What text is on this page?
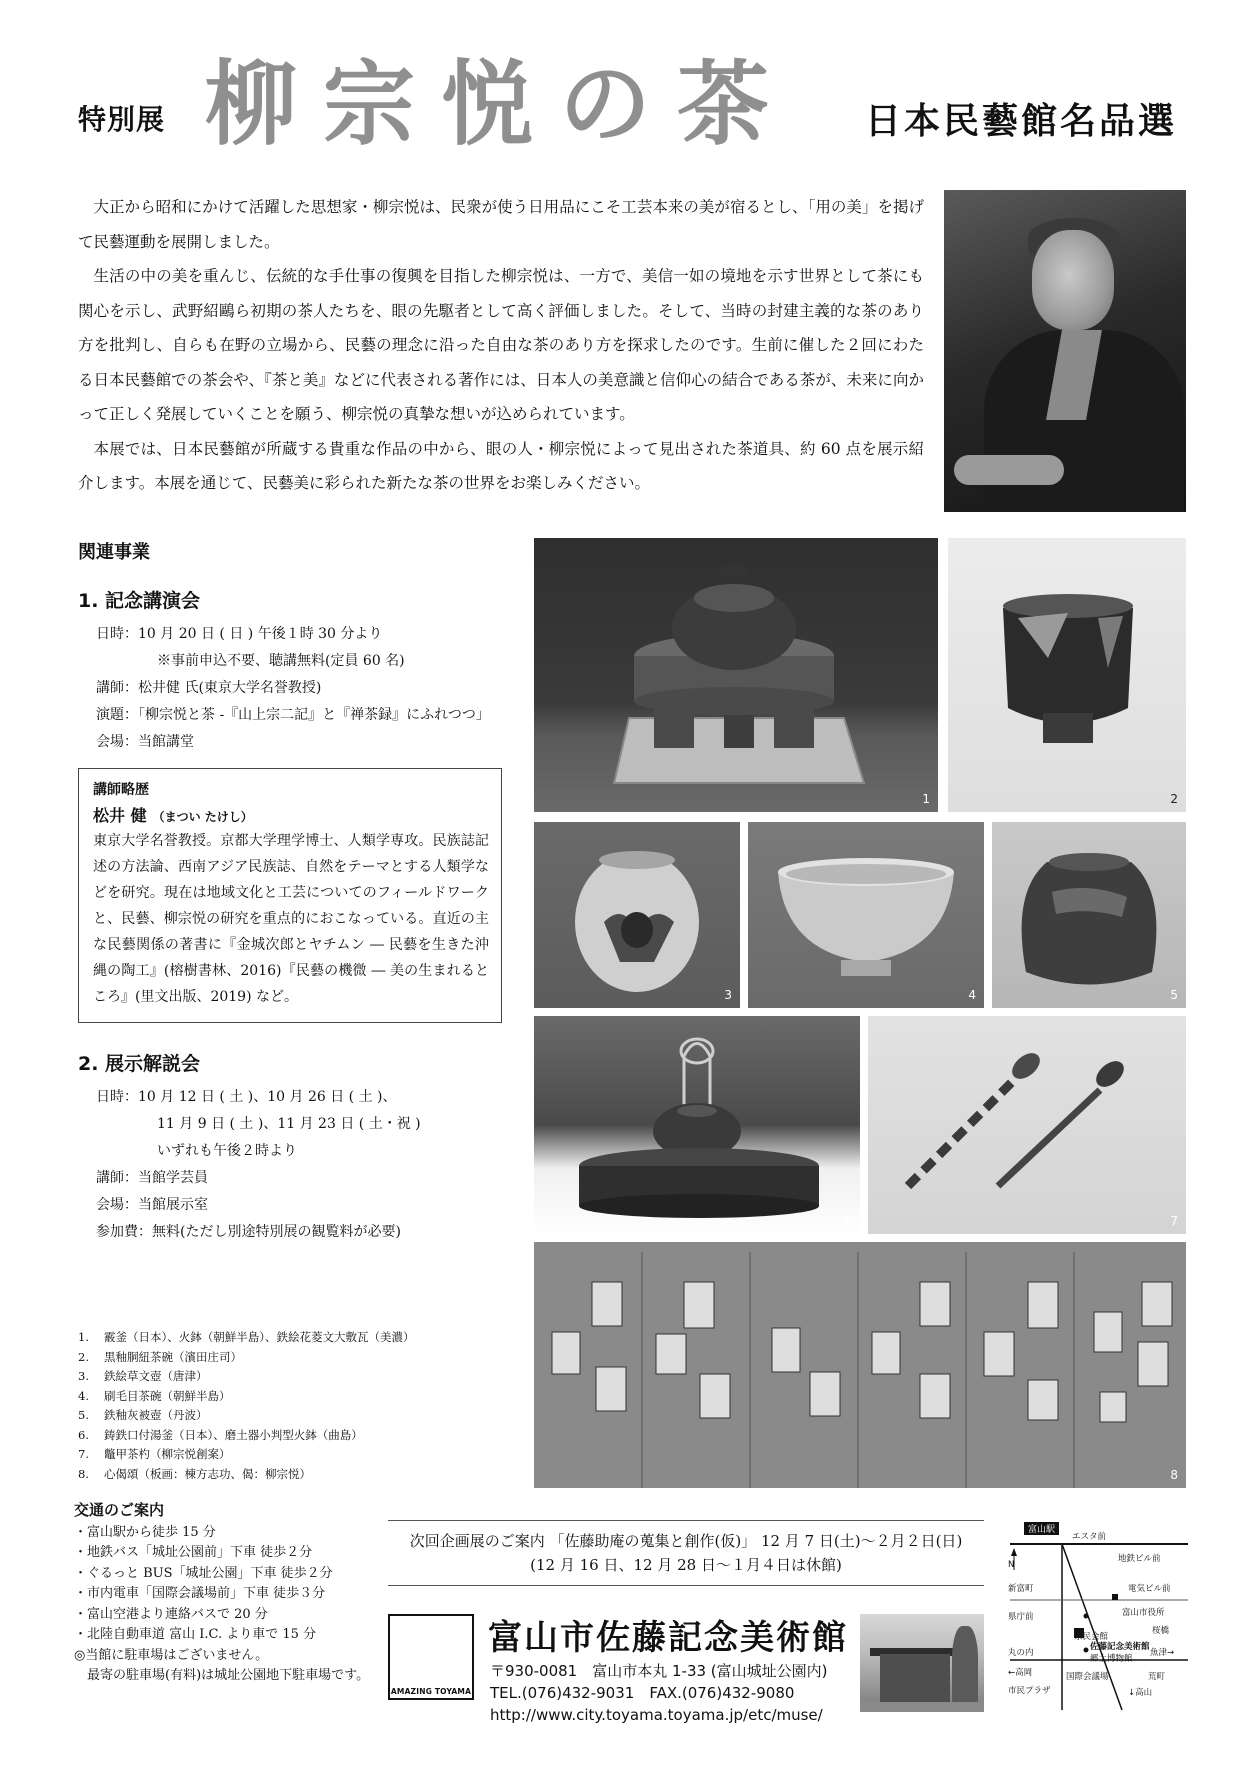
特別展 柳宗悦の茶 日本民藝館名品選

大正から昭和にかけて活躍した思想家・柳宗悦は、民衆が使う日用品にこそ工芸本来の美が宿るとし、「用の美」を掲げて民藝運動を展開しました。

生活の中の美を重んじ、伝統的な手仕事の復興を目指した柳宗悦は、一方で、美信一如の境地を示す世界として茶にも関心を示し、武野紹鷗ら初期の茶人たちを、眼の先駆者として高く評価しました。そして、当時の封建主義的な茶のあり方を批判し、自らも在野の立場から、民藝の理念に沿った自由な茶のあり方を探求したのです。生前に催した２回にわたる日本民藝館での茶会や、『茶と美』などに代表される著作には、日本人の美意識と信仰心の結合である茶が、未来に向かって正しく発展していくことを願う、柳宗悦の真摯な想いが込められています。

本展では、日本民藝館が所蔵する貴重な作品の中から、眼の人・柳宗悦によって見出された茶道具、約 60 点を展示紹介します。本展を通じて、民藝美に彩られた新たな茶の世界をお楽しみください。

関連事業
1. 記念講演会
日時：10 月 20 日 ( 日 ) 午後１時 30 分より
※事前申込不要、聴講無料(定員 60 名)
講師：松井健 氏(東京大学名誉教授)
演題：「柳宗悦と茶 -『山上宗二記』と『禅茶録』にふれつつ」
会場：当館講堂
講師略歴
松井 健 （まつい たけし）
東京大学名誉教授。京都大学理学博士、人類学専攻。民族誌記述の方法論、西南アジア民族誌、自然をテーマとする人類学などを研究。現在は地域文化と工芸についてのフィールドワークと、民藝、柳宗悦の研究を重点的におこなっている。直近の主な民藝関係の著書に『金城次郎とヤチムン ― 民藝を生きた沖縄の陶工』(榕樹書林、2016)『民藝の機微 ― 美の生まれるところ』(里文出版、2019) など。
2. 展示解説会
日時：10 月 12 日 ( 土 )、10 月 26 日 ( 土 )、
11 月 9 日 ( 土 )、11 月 23 日 ( 土・祝 )
いずれも午後２時より
講師：当館学芸員
会場：当館展示室
参加費：無料(ただし別途特別展の観覧料が必要)
1	2
3	4	5
6	7
8
1. 霰釜（日本）、火鉢（朝鮮半島）、鉄絵花菱文大敷瓦（美濃）
2. 黒釉胴紐茶碗（濱田庄司）
3. 鉄絵草文壺（唐津）
4. 刷毛目茶碗（朝鮮半島）
5. 鉄釉灰被壺（丹波）
6. 鋳鉄口付湯釜（日本）、磨土器小判型火鉢（曲島）
7. 鼈甲茶杓（柳宗悦創案）
8. 心偈頌（板画：棟方志功、偈：柳宗悦）
交通のご案内
・富山駅から徒歩 15 分
・地鉄バス「城址公園前」下車 徒歩２分
・ぐるっと BUS「城址公園」下車 徒歩２分
・市内電車「国際会議場前」下車 徒歩３分
・富山空港より連絡バスで 20 分
・北陸自動車道 富山 I.C. より車で 15 分
◎当館に駐車場はございません。
　最寄の駐車場(有料)は城址公園地下駐車場です。
次回企画展のご案内 「佐藤助庵の蒐集と創作(仮)」 12 月 7 日(土)～２月２日(日)
(12 月 16 日、12 月 28 日～１月４日は休館)
AMAZING TOYAMA
富山市佐藤記念美術館
〒930-0081　富山市本丸 1-33 (富山城址公園内)
TEL.(076)432-9031　FAX.(076)432-9080
http://www.city.toyama.toyama.jp/etc/muse/
富山駅
N
エスタ前
地鉄ビル前
新富町	電気ビル前
富山市役所
県庁前
県民会館
桜橋
佐藤記念美術館
郷土博物館
丸の内
←高岡
魚津→
国際会議場	荒町
市民プラザ	↓高山
